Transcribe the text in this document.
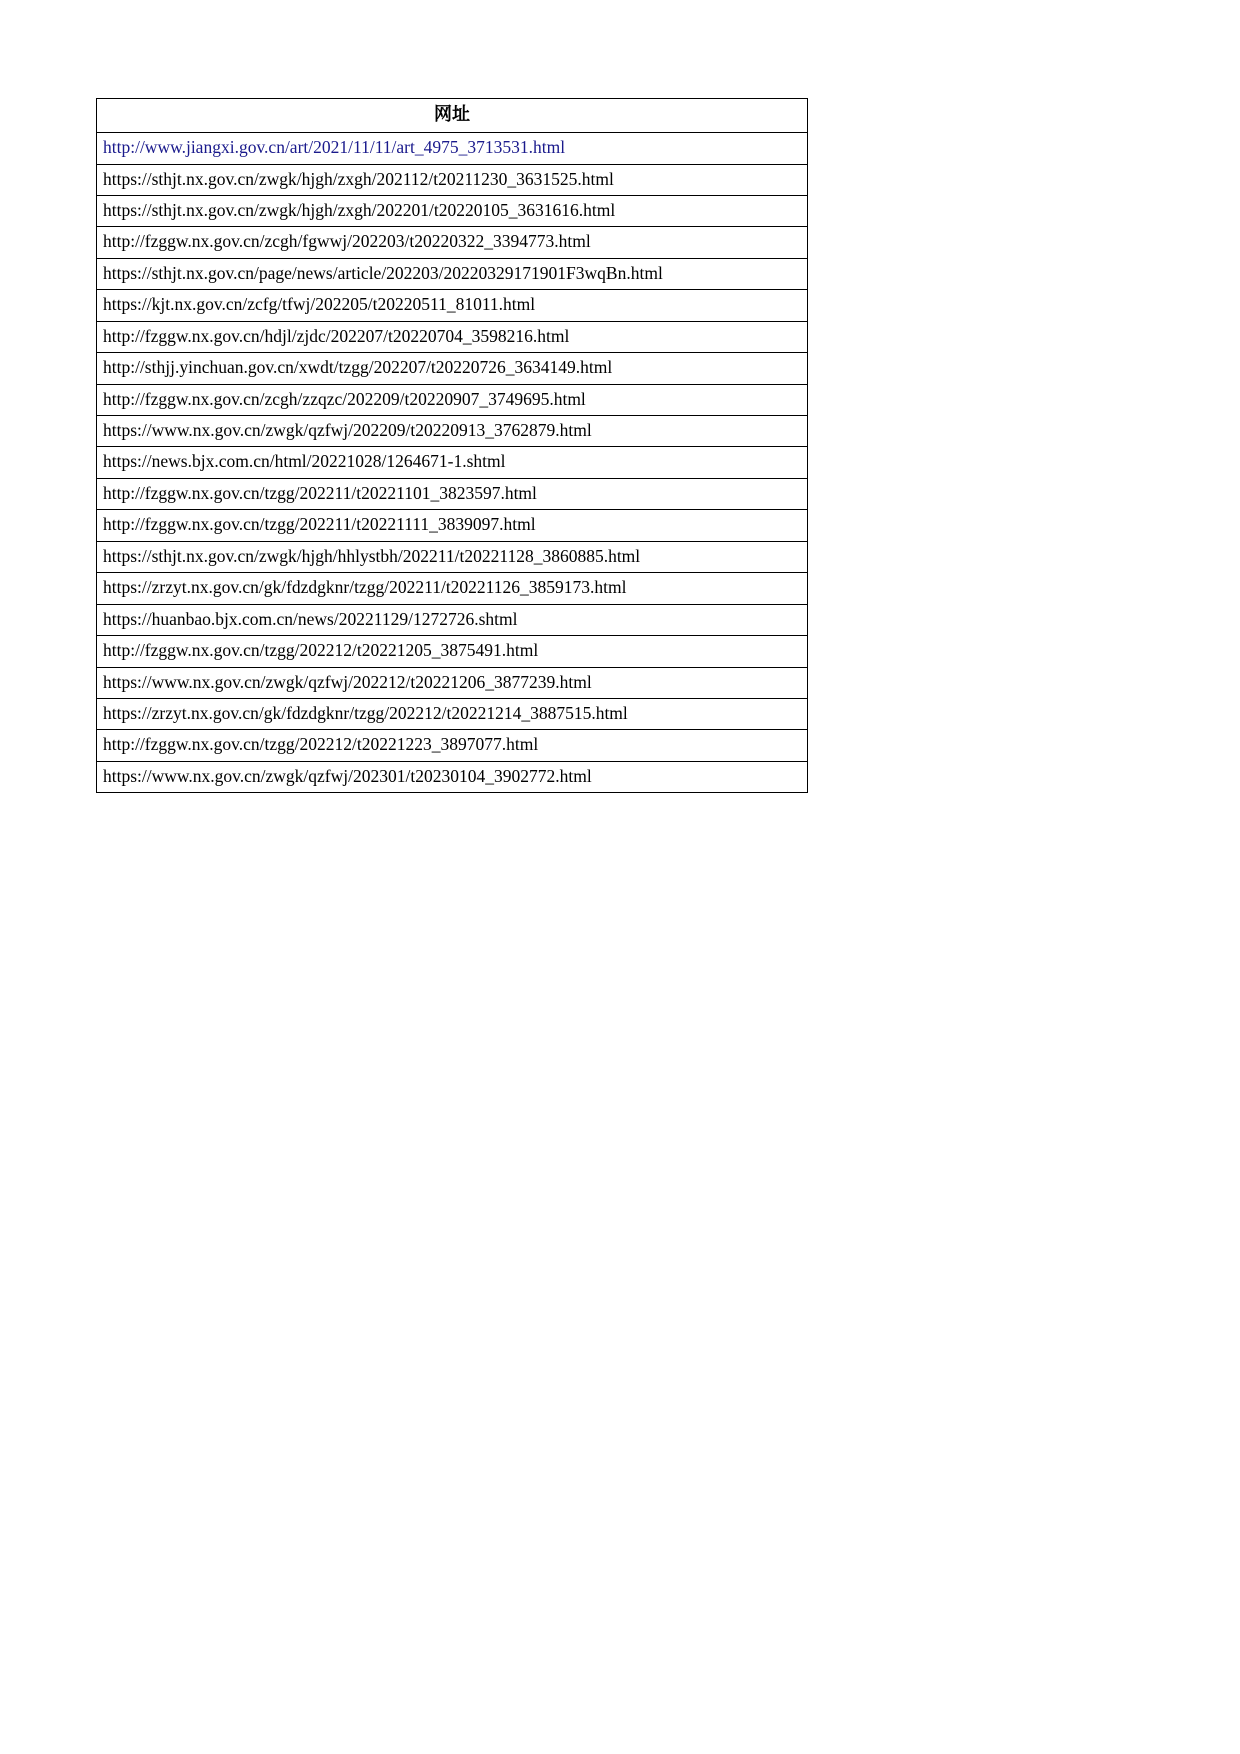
网址
http://www.jiangxi.gov.cn/art/2021/11/11/art_4975_3713531.html
https://sthjt.nx.gov.cn/zwgk/hjgh/zxgh/202112/t20211230_3631525.html
https://sthjt.nx.gov.cn/zwgk/hjgh/zxgh/202201/t20220105_3631616.html
http://fzggw.nx.gov.cn/zcgh/fgwwj/202203/t20220322_3394773.html
https://sthjt.nx.gov.cn/page/news/article/202203/20220329171901F3wqBn.html
https://kjt.nx.gov.cn/zcfg/tfwj/202205/t20220511_81011.html
http://fzggw.nx.gov.cn/hdjl/zjdc/202207/t20220704_3598216.html
http://sthjj.yinchuan.gov.cn/xwdt/tzgg/202207/t20220726_3634149.html
http://fzggw.nx.gov.cn/zcgh/zzqzc/202209/t20220907_3749695.html
https://www.nx.gov.cn/zwgk/qzfwj/202209/t20220913_3762879.html
https://news.bjx.com.cn/html/20221028/1264671-1.shtml
http://fzggw.nx.gov.cn/tzgg/202211/t20221101_3823597.html
http://fzggw.nx.gov.cn/tzgg/202211/t20221111_3839097.html
https://sthjt.nx.gov.cn/zwgk/hjgh/hhlystbh/202211/t20221128_3860885.html
https://zrzyt.nx.gov.cn/gk/fdzdgknr/tzgg/202211/t20221126_3859173.html
https://huanbao.bjx.com.cn/news/20221129/1272726.shtml
http://fzggw.nx.gov.cn/tzgg/202212/t20221205_3875491.html
https://www.nx.gov.cn/zwgk/qzfwj/202212/t20221206_3877239.html
https://zrzyt.nx.gov.cn/gk/fdzdgknr/tzgg/202212/t20221214_3887515.html
http://fzggw.nx.gov.cn/tzgg/202212/t20221223_3897077.html
https://www.nx.gov.cn/zwgk/qzfwj/202301/t20230104_3902772.html
